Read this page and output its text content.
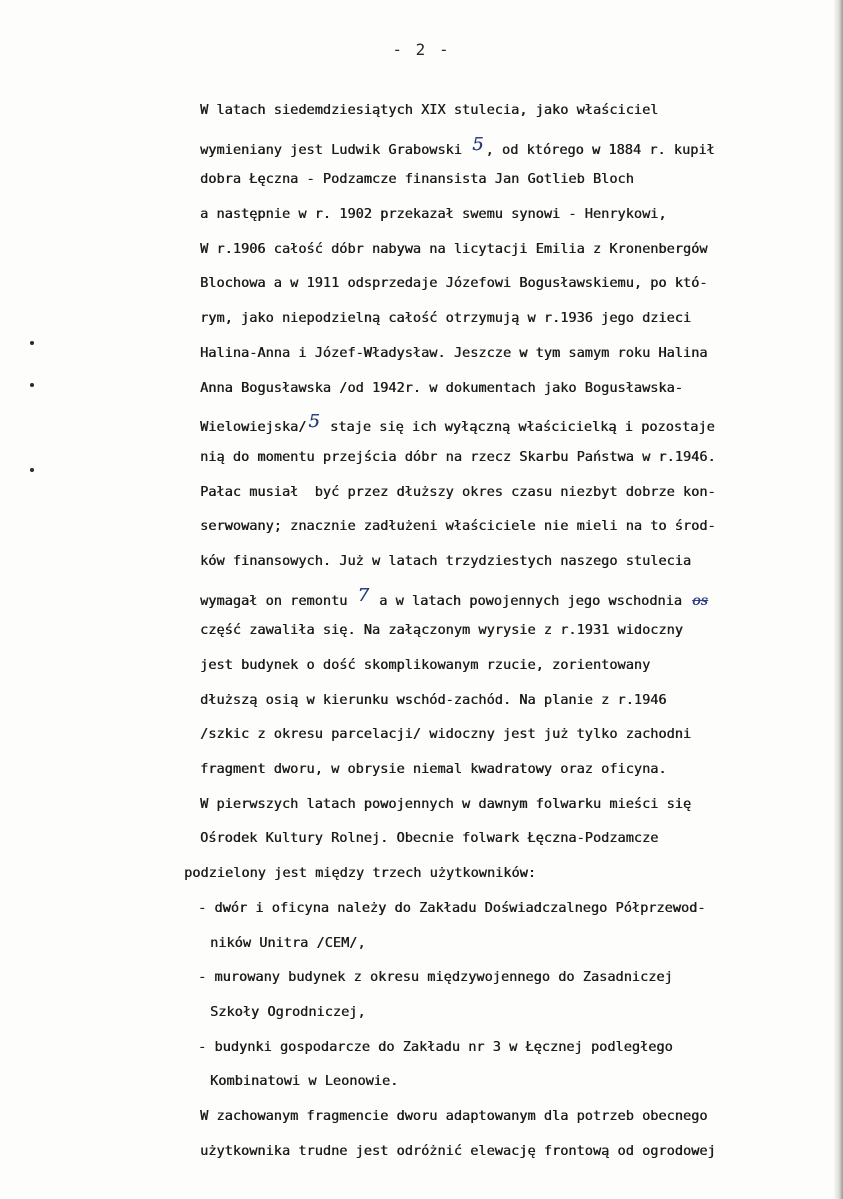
- 2 -
W latach siedemdziesiątych XIX stulecia, jako właściciel
wymieniany jest Ludwik Grabowski 5 , od którego w 1884 r. kupił
dobra Łęczna - Podzamcze finansista Jan Gotlieb Bloch
a następnie w r. 1902 przekazał swemu synowi - Henrykowi,
W r.1906 całość dóbr nabywa na licytacji Emilia z Kronenbergów
Blochowa a w 1911 odsprzedaje Józefowi Bogusławskiemu, po któ-
rym, jako niepodzielną całość otrzymują w r.1936 jego dzieci
Halina-Anna i Józef-Władysław. Jeszcze w tym samym roku Halina
Anna Bogusławska /od 1942r. w dokumentach jako Bogusławska-
Wielowiejska/ 5 staje się ich wyłączną właścicielką i pozostaje
nią do momentu przejścia dóbr na rzecz Skarbu Państwa w r.1946.
Pałac musiał  być przez dłuższy okres czasu niezbyt dobrze kon-
serwowany; znacznie zadłużeni właściciele nie mieli na to środ-
ków finansowych. Już w latach trzydziestych naszego stulecia
wymagał on remontu 7 a w latach powojennych jego wschodnia os
część zawaliła się. Na załączonym wyrysie z r.1931 widoczny
jest budynek o dość skomplikowanym rzucie, zorientowany
dłuższą osią w kierunku wschód-zachód. Na planie z r.1946
/szkic z okresu parcelacji/ widoczny jest już tylko zachodni
fragment dworu, w obrysie niemal kwadratowy oraz oficyna.
W pierwszych latach powojennych w dawnym folwarku mieści się
Ośrodek Kultury Rolnej. Obecnie folwark Łęczna-Podzamcze
podzielony jest między trzech użytkowników:
- dwór i oficyna należy do Zakładu Doświadczalnego Półprzewod-
ników Unitra /CEM/,
- murowany budynek z okresu międzywojennego do Zasadniczej
Szkoły Ogrodniczej,
- budynki gospodarcze do Zakładu nr 3 w Łęcznej podległego
Kombinatowi w Leonowie.
W zachowanym fragmencie dworu adaptowanym dla potrzeb obecnego
użytkownika trudne jest odróżnić elewację frontową od ogrodowej
